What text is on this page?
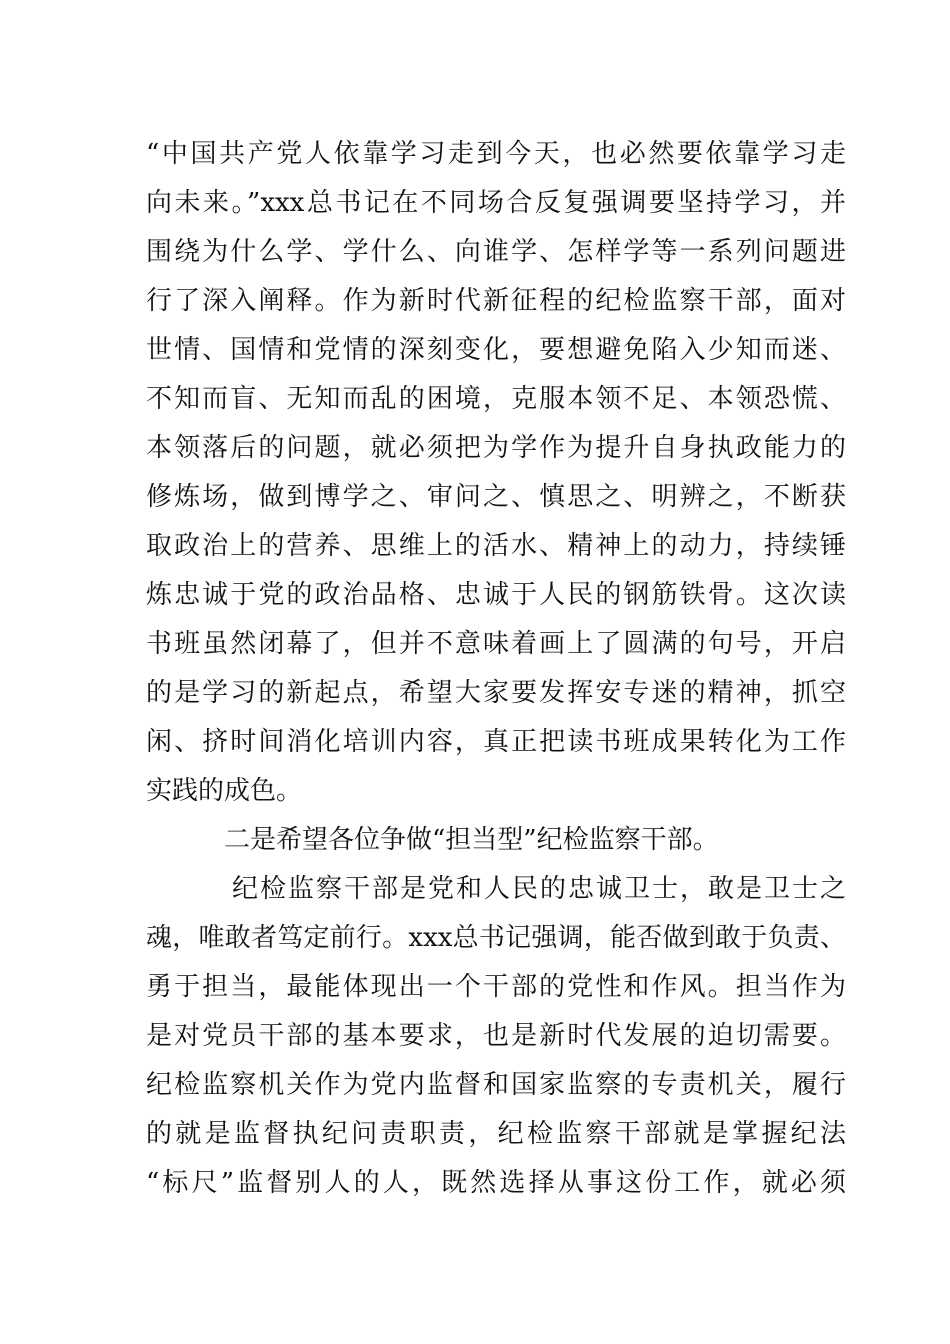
“中国共产党人依靠学习走到今天，也必然要依靠学习走
向未来。”xxx总书记在不同场合反复强调要坚持学习，并
围绕为什么学、学什么、向谁学、怎样学等一系列问题进
行了深入阐释。作为新时代新征程的纪检监察干部，面对
世情、国情和党情的深刻变化，要想避免陷入少知而迷、
不知而盲、无知而乱的困境，克服本领不足、本领恐慌、
本领落后的问题，就必须把为学作为提升自身执政能力的
修炼场，做到博学之、审问之、慎思之、明辨之，不断获
取政治上的营养、思维上的活水、精神上的动力，持续锤
炼忠诚于党的政治品格、忠诚于人民的钢筋铁骨。这次读
书班虽然闭幕了，但并不意味着画上了圆满的句号，开启
的是学习的新起点，希望大家要发挥安专迷的精神，抓空
闲、挤时间消化培训内容，真正把读书班成果转化为工作
实践的成色。
二是希望各位争做“担当型”纪检监察干部。
纪检监察干部是党和人民的忠诚卫士，敢是卫士之
魂，唯敢者笃定前行。xxx总书记强调，能否做到敢于负责、
勇于担当，最能体现出一个干部的党性和作风。担当作为
是对党员干部的基本要求，也是新时代发展的迫切需要。
纪检监察机关作为党内监督和国家监察的专责机关，履行
的就是监督执纪问责职责，纪检监察干部就是掌握纪法
“标尺”监督别人的人，既然选择从事这份工作，就必须
